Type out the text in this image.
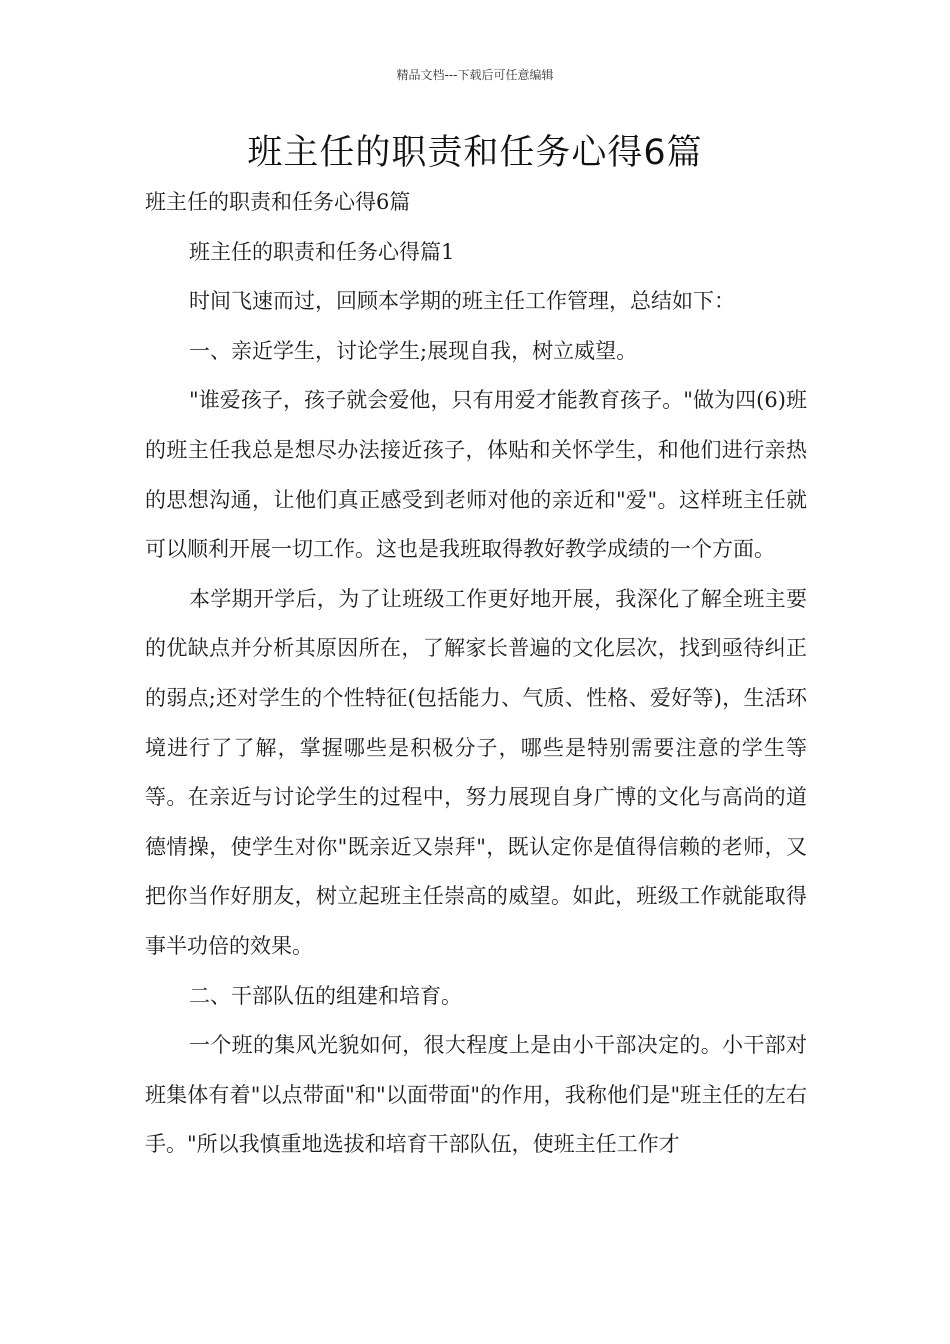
精品文档---下载后可任意编辑
班主任的职责和任务心得6篇

班主任的职责和任务心得6篇

班主任的职责和任务心得篇1

时间飞速而过，回顾本学期的班主任工作管理，总结如下：

一、亲近学生，讨论学生;展现自我，树立威望。

"谁爱孩子，孩子就会爱他，只有用爱才能教育孩子。"做为四(6)班的班主任我总是想尽办法接近孩子，体贴和关怀学生，和他们进行亲热的思想沟通，让他们真正感受到老师对他的亲近和"爱"。这样班主任就可以顺利开展一切工作。这也是我班取得教好教学成绩的一个方面。

本学期开学后，为了让班级工作更好地开展，我深化了解全班主要的优缺点并分析其原因所在，了解家长普遍的文化层次，找到亟待纠正的弱点;还对学生的个性特征(包括能力、气质、性格、爱好等)，生活环境进行了了解，掌握哪些是积极分子，哪些是特别需要注意的学生等等。在亲近与讨论学生的过程中，努力展现自身广博的文化与高尚的道德情操，使学生对你"既亲近又崇拜"，既认定你是值得信赖的老师，又把你当作好朋友，树立起班主任崇高的威望。如此，班级工作就能取得事半功倍的效果。

二、干部队伍的组建和培育。

一个班的集风光貌如何，很大程度上是由小干部决定的。小干部对班集体有着"以点带面"和"以面带面"的作用，我称他们是"班主任的左右手。"所以我慎重地选拔和培育干部队伍，使班主任工作才
